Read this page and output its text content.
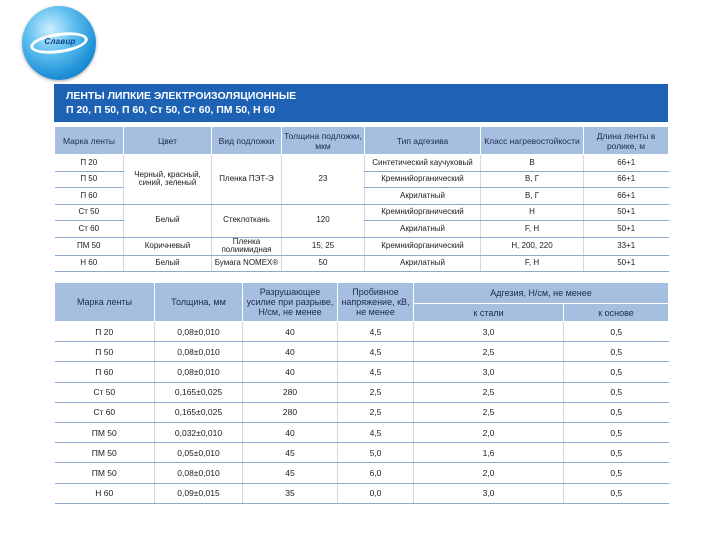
Славир
ЛЕНТЫ ЛИПКИЕ ЭЛЕКТРОИЗОЛЯЦИОННЫЕ
П 20, П 50, П 60, Ст 50, Ст 60, ПМ 50, Н 60
Марка ленты	Цвет	Вид подложки	Толщина подложки, мкм	Тип адгезива	Класс нагревостойкости	Длина ленты в ролике, м
П 20	Черный, красный, синий, зеленый	Пленка ПЭТ-Э	23	Синтетический каучуковый	В	66+1
П 50				Кремнийорганический	В, Г	66+1
П 60				Акрилатный	В, Г	66+1
Ст 50	Белый	Стеклоткань	120	Кремнийорганический	Н	50+1
Ст 60				Акрилатный	F, H	50+1
ПМ 50	Коричневый	Пленка полиимидная	15; 25	Кремнийорганический	Н, 200, 220	33+1
Н 60	Белый	Бумага NOMEX®	50	Акрилатный	F, H	50+1
Марка ленты	Толщина, мм	Разрушающее усилие при разрыве, Н/см, не менее	Пробивное напряжение, кВ, не менее	Адгезия, Н/см, не менее	
				к стали	к основе
П 20	0,08±0,010	40	4,5	3,0	0,5
П 50	0,08±0,010	40	4,5	2,5	0,5
П 60	0,08±0,010	40	4,5	3,0	0,5
Ст 50	0,165±0,025	280	2,5	2,5	0,5
Ст 60	0,165±0,025	280	2,5	2,5	0,5
ПМ 50	0,032±0,010	40	4,5	2,0	0,5
ПМ 50	0,05±0,010	45	5,0	1,6	0,5
ПМ 50	0,08±0,010	45	6,0	2,0	0,5
Н 60	0,09±0,015	35	0,0	3,0	0,5
